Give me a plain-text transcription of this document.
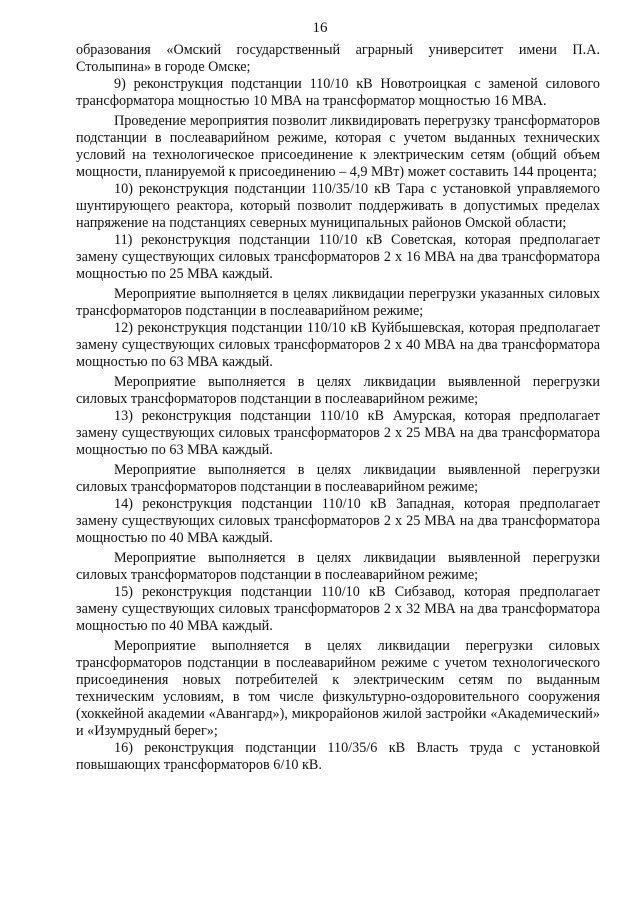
16

образования «Омский государственный аграрный университет имени П.А. Столыпина» в городе Омске;

9) реконструкция подстанции 110/10 кВ Новотроицкая с заменой силового трансформатора мощностью 10 МВА на трансформатор мощностью 16 МВА.

Проведение мероприятия позволит ликвидировать перегрузку трансформаторов подстанции в послеаварийном режиме, которая с учетом выданных технических условий на технологическое присоединение к электрическим сетям (общий объем мощности, планируемой к присоединению – 4,9 МВт) может составить 144 процента;

10) реконструкция подстанции 110/35/10 кВ Тара с установкой управляемого шунтирующего реактора, который позволит поддерживать в допустимых пределах напряжение на подстанциях северных муниципальных районов Омской области;

11) реконструкция подстанции 110/10 кВ Советская, которая предполагает замену существующих силовых трансформаторов 2 х 16 МВА на два трансформатора мощностью по 25 МВА каждый.

Мероприятие выполняется в целях ликвидации перегрузки указанных силовых трансформаторов подстанции в послеаварийном режиме;

12) реконструкция подстанции 110/10 кВ Куйбышевская, которая предполагает замену существующих силовых трансформаторов 2 х 40 МВА на два трансформатора мощностью по 63 МВА каждый.

Мероприятие выполняется в целях ликвидации выявленной перегрузки силовых трансформаторов подстанции в послеаварийном режиме;

13) реконструкция подстанции 110/10 кВ Амурская, которая предполагает замену существующих силовых трансформаторов 2 х 25 МВА на два трансформатора мощностью по 63 МВА каждый.

Мероприятие выполняется в целях ликвидации выявленной перегрузки силовых трансформаторов подстанции в послеаварийном режиме;

14) реконструкция подстанции 110/10 кВ Западная, которая предполагает замену существующих силовых трансформаторов 2 х 25 МВА на два трансформатора мощностью по 40 МВА каждый.

Мероприятие выполняется в целях ликвидации выявленной перегрузки силовых трансформаторов подстанции в послеаварийном режиме;

15) реконструкция подстанции 110/10 кВ Сибзавод, которая предполагает замену существующих силовых трансформаторов 2 х 32 МВА на два трансформатора мощностью по 40 МВА каждый.

Мероприятие выполняется в целях ликвидации перегрузки силовых трансформаторов подстанции в послеаварийном режиме с учетом технологического присоединения новых потребителей к электрическим сетям по выданным техническим условиям, в том числе физкультурно-оздоровительного сооружения (хоккейной академии «Авангард»), микрорайонов жилой застройки «Академический» и «Изумрудный берег»;

16) реконструкция подстанции 110/35/6 кВ Власть труда с установкой повышающих трансформаторов 6/10 кВ.
